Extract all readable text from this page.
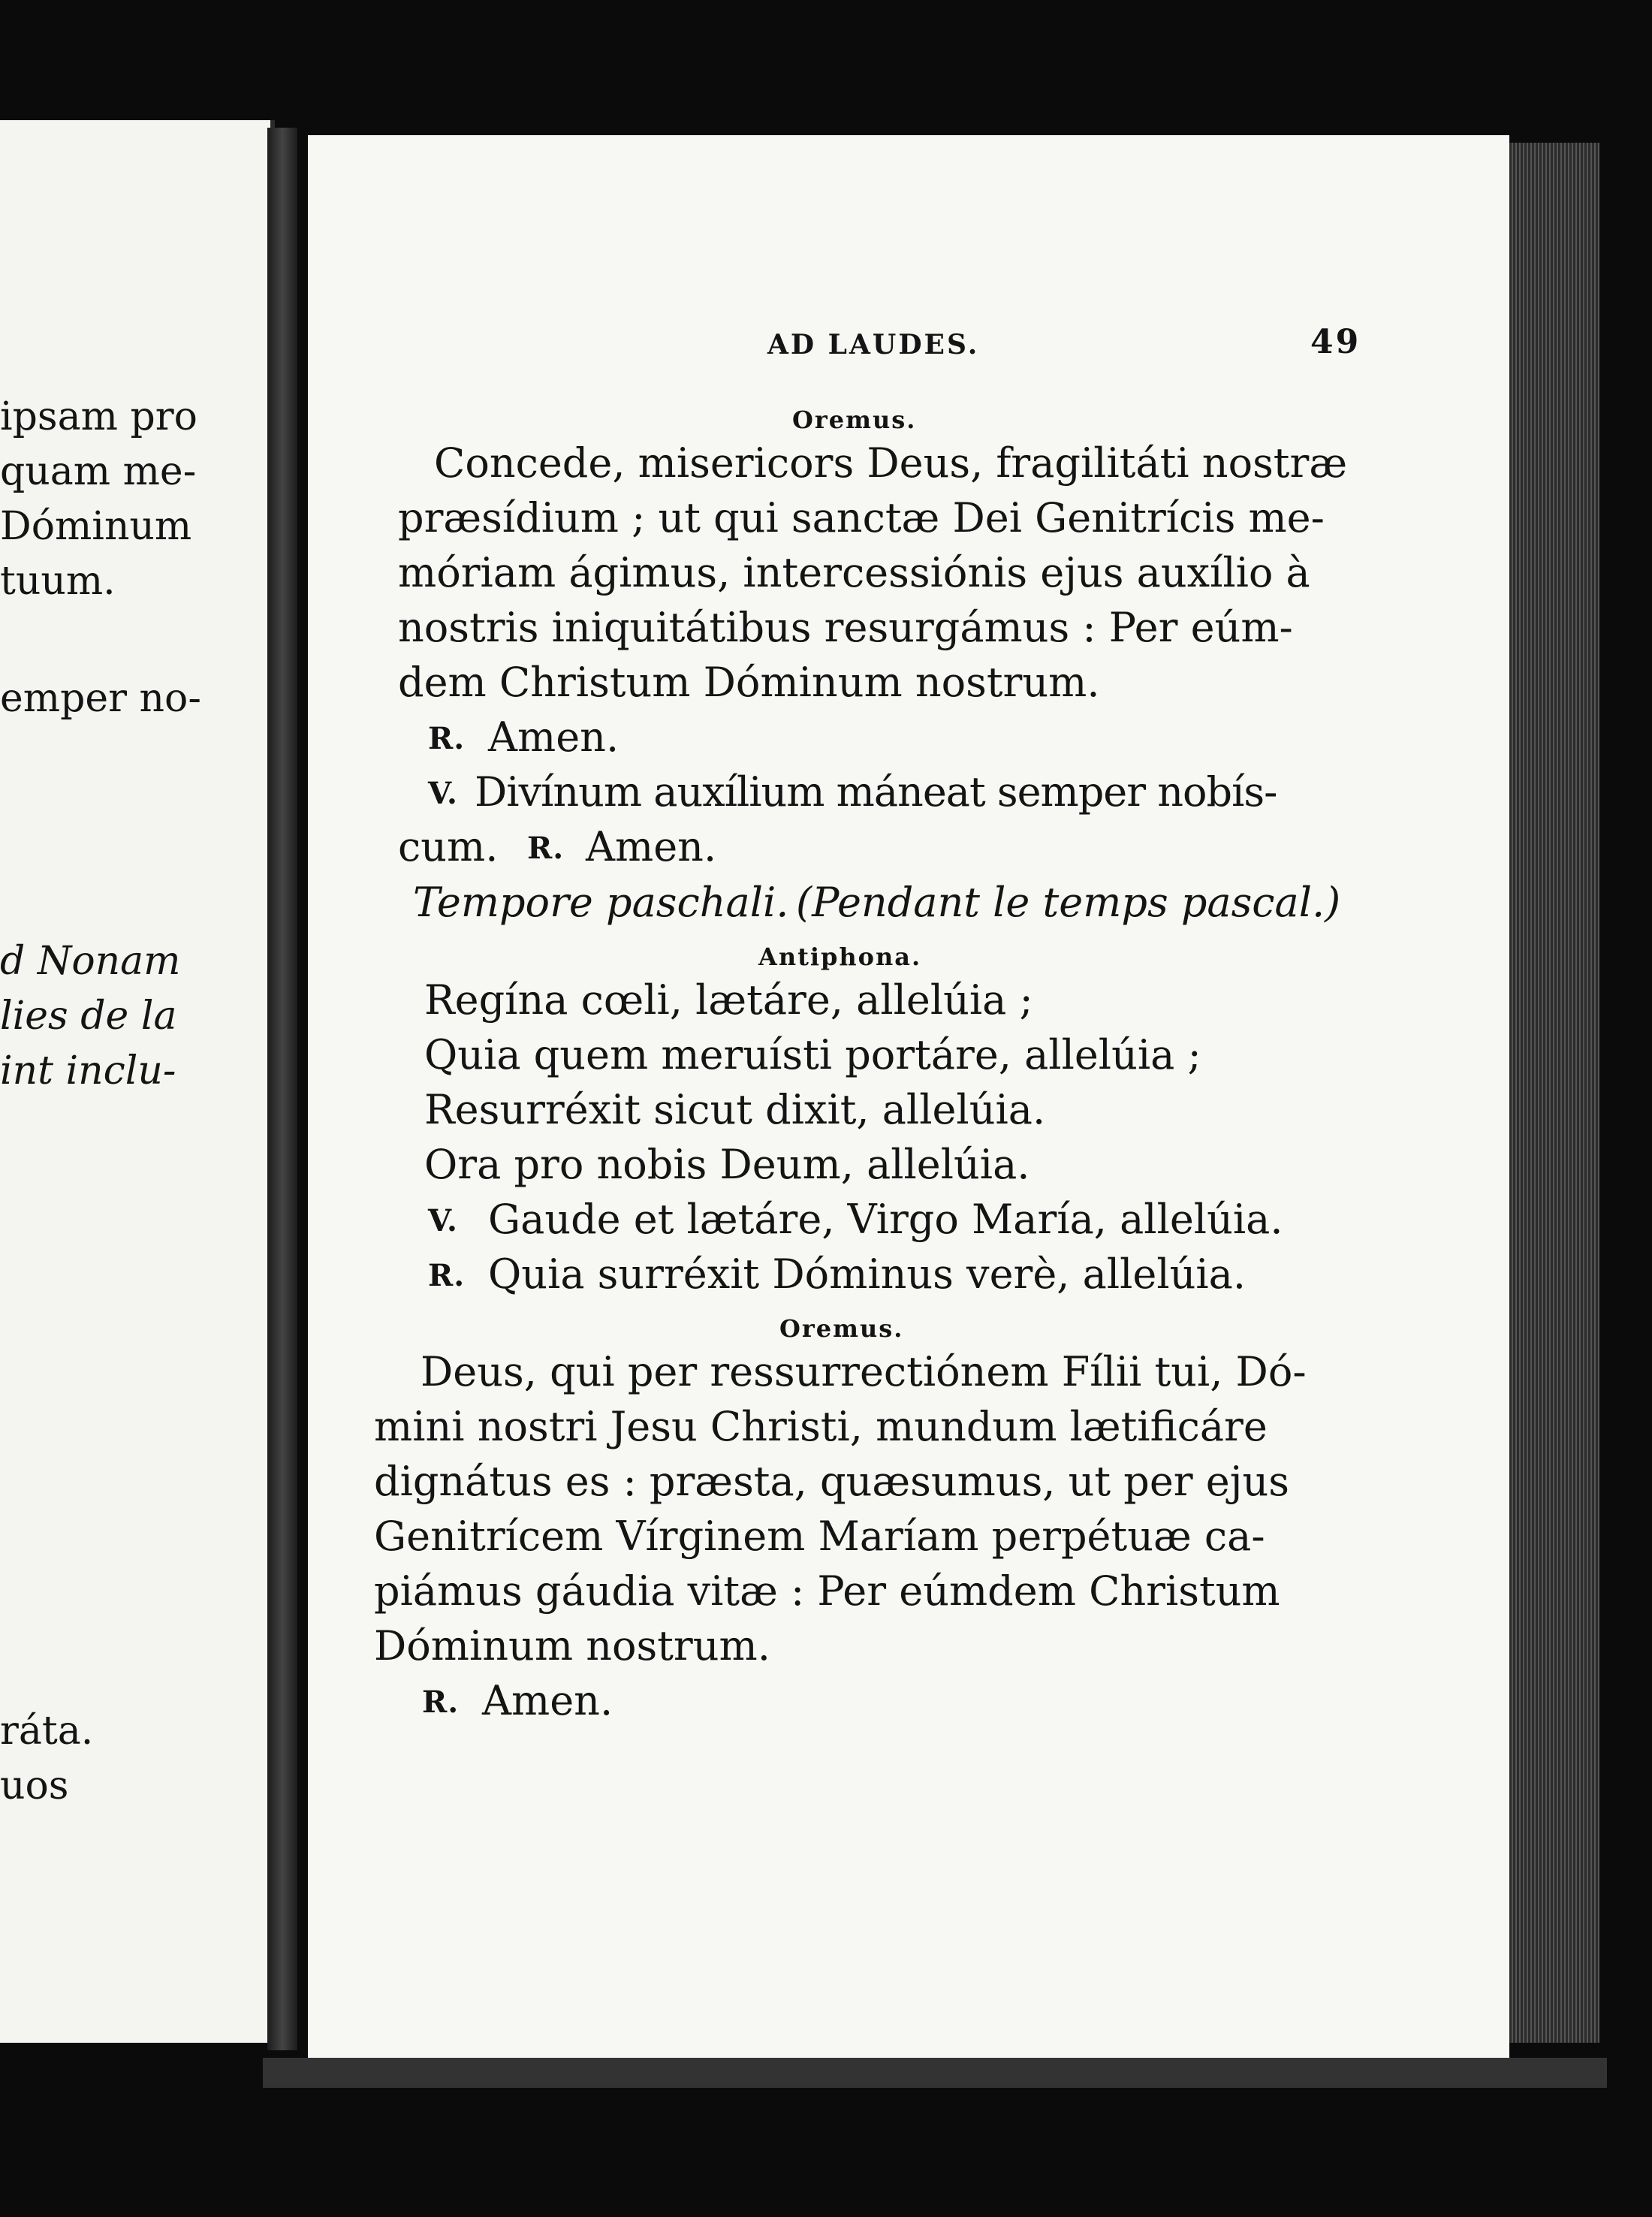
ipsam pro
quam me-
Dóminum
tuum.
emper no-
d Nonam
lies de la
int inclu-
ráta.
uos
AD LAUDES.	49
Oremus.
Concede, misericors Deus, fragilitáti nostræ
præsídium ; ut qui sanctæ Dei Genitrícis me-
móriam ágimus, intercessiónis ejus auxílio à
nostris iniquitátibus resurgámus : Per eúm-
dem Christum Dóminum nostrum.
R. Amen.
V. Divínum auxílium máneat semper nobís-
cum. R. Amen.
Tempore paschali. (Pendant le temps pascal.)
Antiphona.
Regína cœli, lætáre, allelúia ;
Quia quem meruísti portáre, allelúia ;
Resurréxit sicut dixit, allelúia.
Ora pro nobis Deum, allelúia.
V. Gaude et lætáre, Virgo María, allelúia.
R. Quia surréxit Dóminus verè, allelúia.
Oremus.
Deus, qui per ressurrectiónem Fílii tui, Dó-
mini nostri Jesu Christi, mundum lætificáre
dignátus es : præsta, quæsumus, ut per ejus
Genitrícem Vírginem Maríam perpétuæ ca-
piámus gáudia vitæ : Per eúmdem Christum
Dóminum nostrum.
R. Amen.
